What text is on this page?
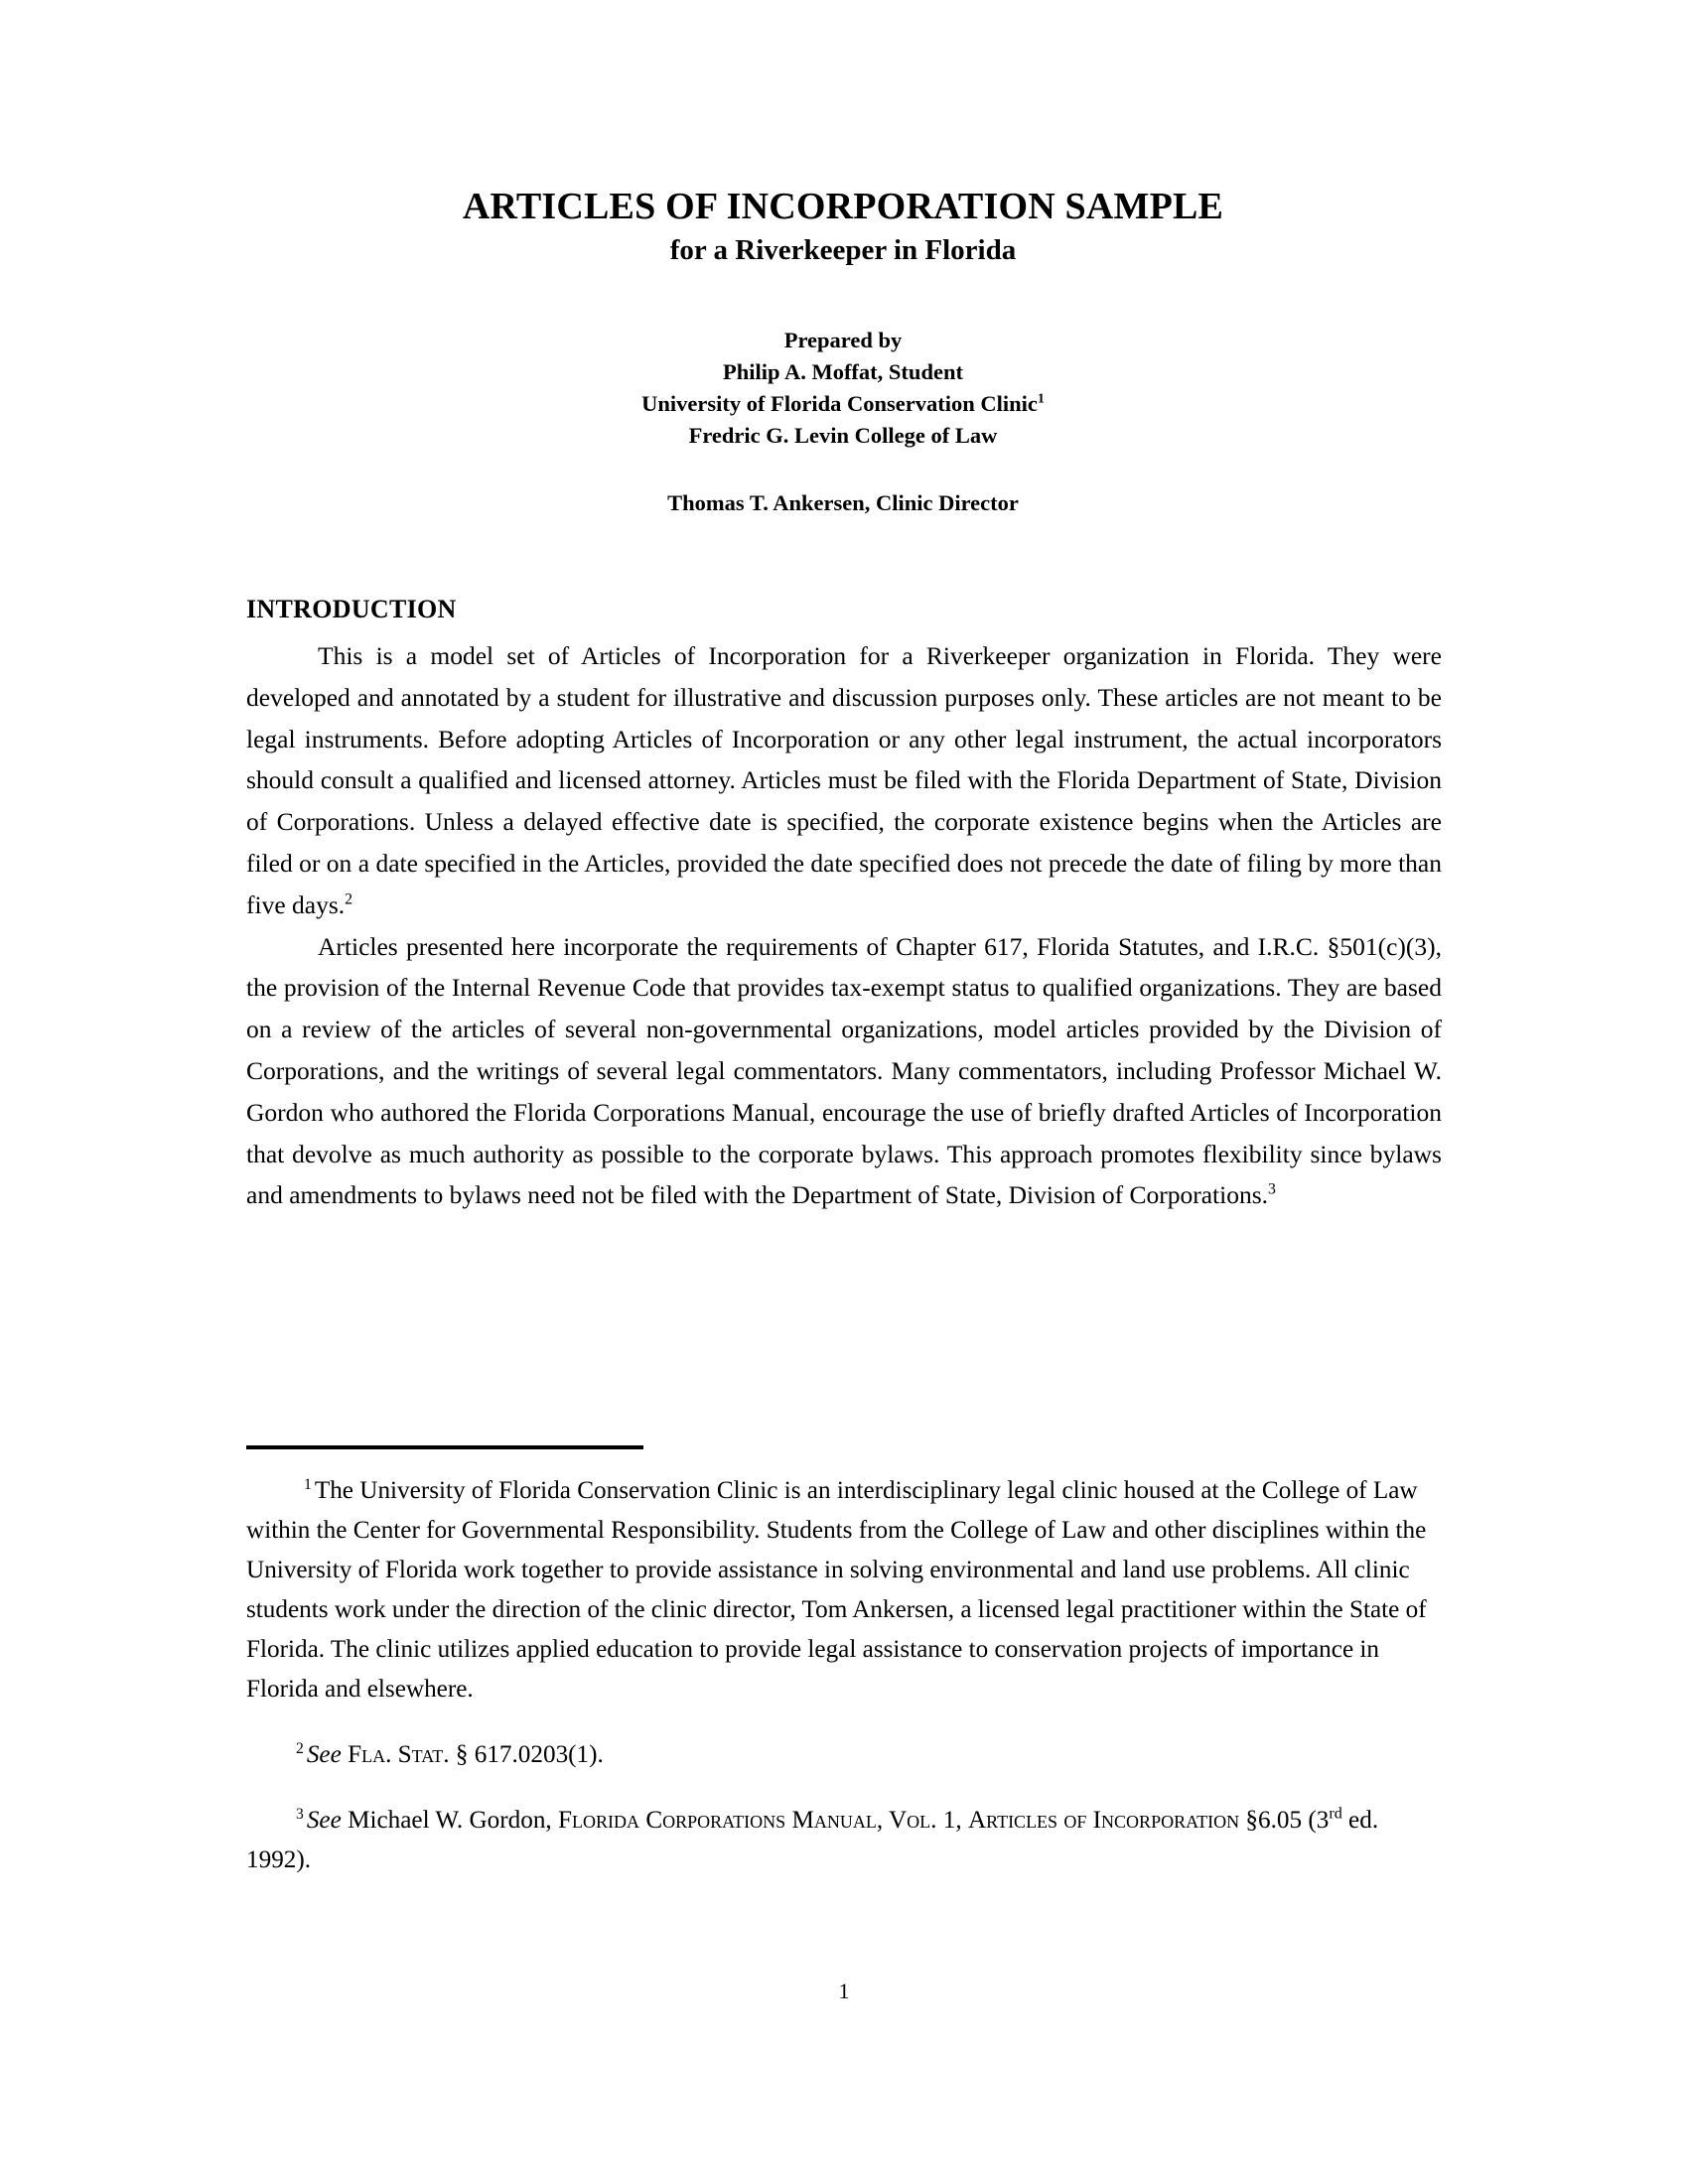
ARTICLES OF INCORPORATION SAMPLE
for a Riverkeeper in Florida
Prepared by
Philip A. Moffat, Student
University of Florida Conservation Clinic$^1$
Fredric G. Levin College of Law
Thomas T. Ankersen, Clinic Director
INTRODUCTION

This is a model set of Articles of Incorporation for a Riverkeeper organization in Florida. They were developed and annotated by a student for illustrative and discussion purposes only. These articles are not meant to be legal instruments. Before adopting Articles of Incorporation or any other legal instrument, the actual incorporators should consult a qualified and licensed attorney. Articles must be filed with the Florida Department of State, Division of Corporations. Unless a delayed effective date is specified, the corporate existence begins when the Articles are filed or on a date specified in the Articles, provided the date specified does not precede the date of filing by more than five days.$^2$

Articles presented here incorporate the requirements of Chapter 617, Florida Statutes, and I.R.C. §501(c)(3), the provision of the Internal Revenue Code that provides tax-exempt status to qualified organizations. They are based on a review of the articles of several non-governmental organizations, model articles provided by the Division of Corporations, and the writings of several legal commentators. Many commentators, including Professor Michael W. Gordon who authored the Florida Corporations Manual, encourage the use of briefly drafted Articles of Incorporation that devolve as much authority as possible to the corporate bylaws. This approach promotes flexibility since bylaws and amendments to bylaws need not be filed with the Department of State, Division of Corporations.$^3$

$^1$ The University of Florida Conservation Clinic is an interdisciplinary legal clinic housed at the College of Law within the Center for Governmental Responsibility. Students from the College of Law and other disciplines within the University of Florida work together to provide assistance in solving environmental and land use problems. All clinic students work under the direction of the clinic director, Tom Ankersen, a licensed legal practitioner within the State of Florida. The clinic utilizes applied education to provide legal assistance to conservation projects of importance in Florida and elsewhere.

$^2$ See Fla. Stat. § 617.0203(1).

$^3$ See Michael W. Gordon, Florida Corporations Manual, Vol. 1, Articles of Incorporation §6.05 (3rd ed. 1992).

1
